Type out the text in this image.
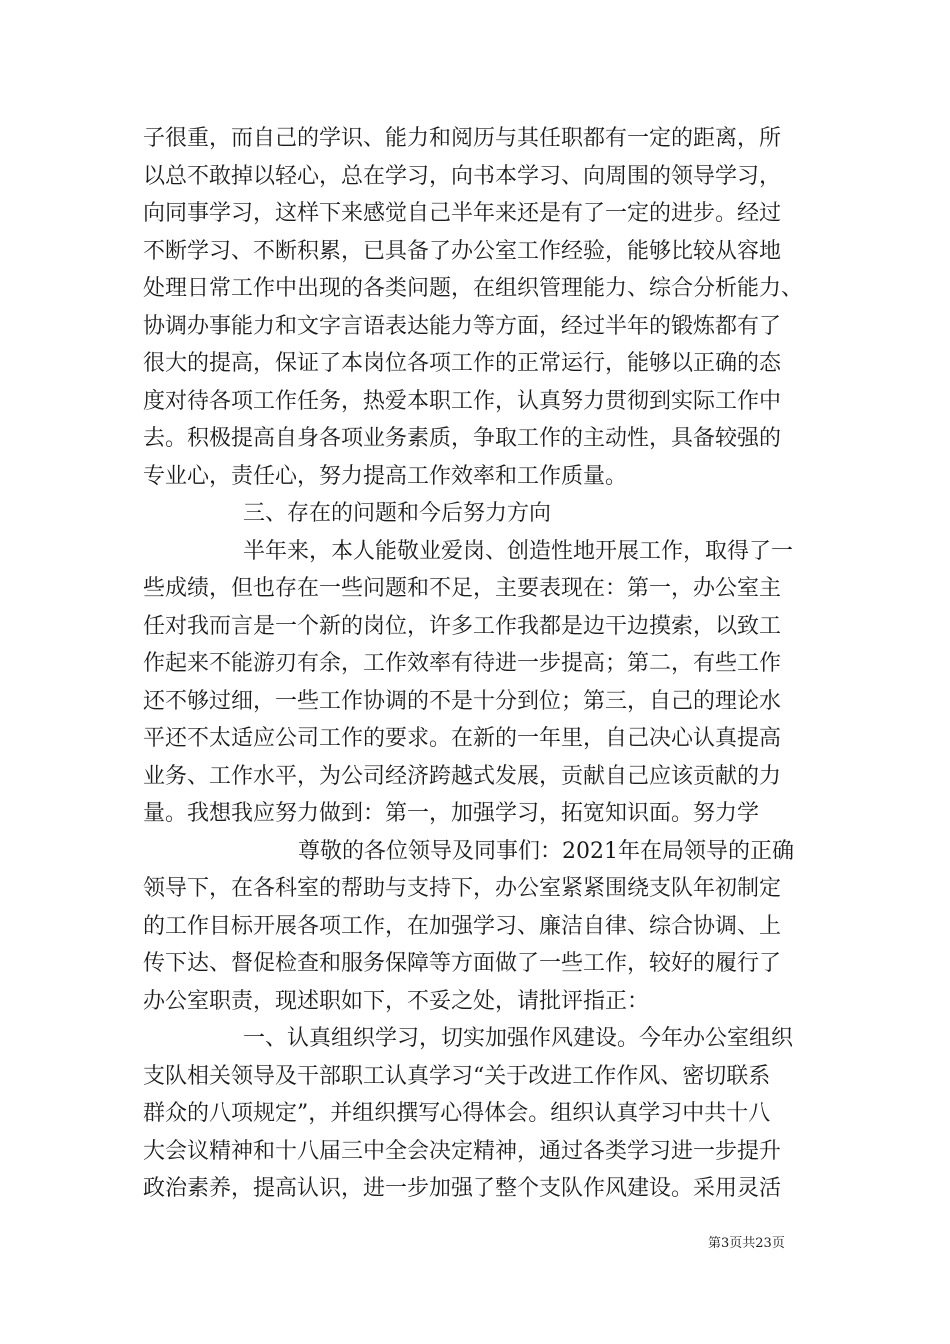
子很重，而自己的学识、能力和阅历与其任职都有一定的距离，所
以总不敢掉以轻心，总在学习，向书本学习、向周围的领导学习，
向同事学习，这样下来感觉自己半年来还是有了一定的进步。经过
不断学习、不断积累，已具备了办公室工作经验，能够比较从容地
处理日常工作中出现的各类问题，在组织管理能力、综合分析能力、
协调办事能力和文字言语表达能力等方面，经过半年的锻炼都有了
很大的提高，保证了本岗位各项工作的正常运行，能够以正确的态
度对待各项工作任务，热爱本职工作，认真努力贯彻到实际工作中
去。积极提高自身各项业务素质，争取工作的主动性，具备较强的
专业心，责任心，努力提高工作效率和工作质量。
三、存在的问题和今后努力方向
半年来，本人能敬业爱岗、创造性地开展工作，取得了一
些成绩，但也存在一些问题和不足，主要表现在：第一，办公室主
任对我而言是一个新的岗位，许多工作我都是边干边摸索，以致工
作起来不能游刃有余，工作效率有待进一步提高；第二，有些工作
还不够过细，一些工作协调的不是十分到位；第三，自己的理论水
平还不太适应公司工作的要求。在新的一年里，自己决心认真提高
业务、工作水平，为公司经济跨越式发展，贡献自己应该贡献的力
量。我想我应努力做到：第一，加强学习，拓宽知识面。努力学
尊敬的各位领导及同事们：2021年在局领导的正确
领导下，在各科室的帮助与支持下，办公室紧紧围绕支队年初制定
的工作目标开展各项工作，在加强学习、廉洁自律、综合协调、上
传下达、督促检查和服务保障等方面做了一些工作，较好的履行了
办公室职责，现述职如下，不妥之处，请批评指正：
一、认真组织学习，切实加强作风建设。今年办公室组织
支队相关领导及干部职工认真学习“关于改进工作作风、密切联系
群众的八项规定”，并组织撰写心得体会。组织认真学习中共十八
大会议精神和十八届三中全会决定精神，通过各类学习进一步提升
政治素养，提高认识，进一步加强了整个支队作风建设。采用灵活
第3页共23页
